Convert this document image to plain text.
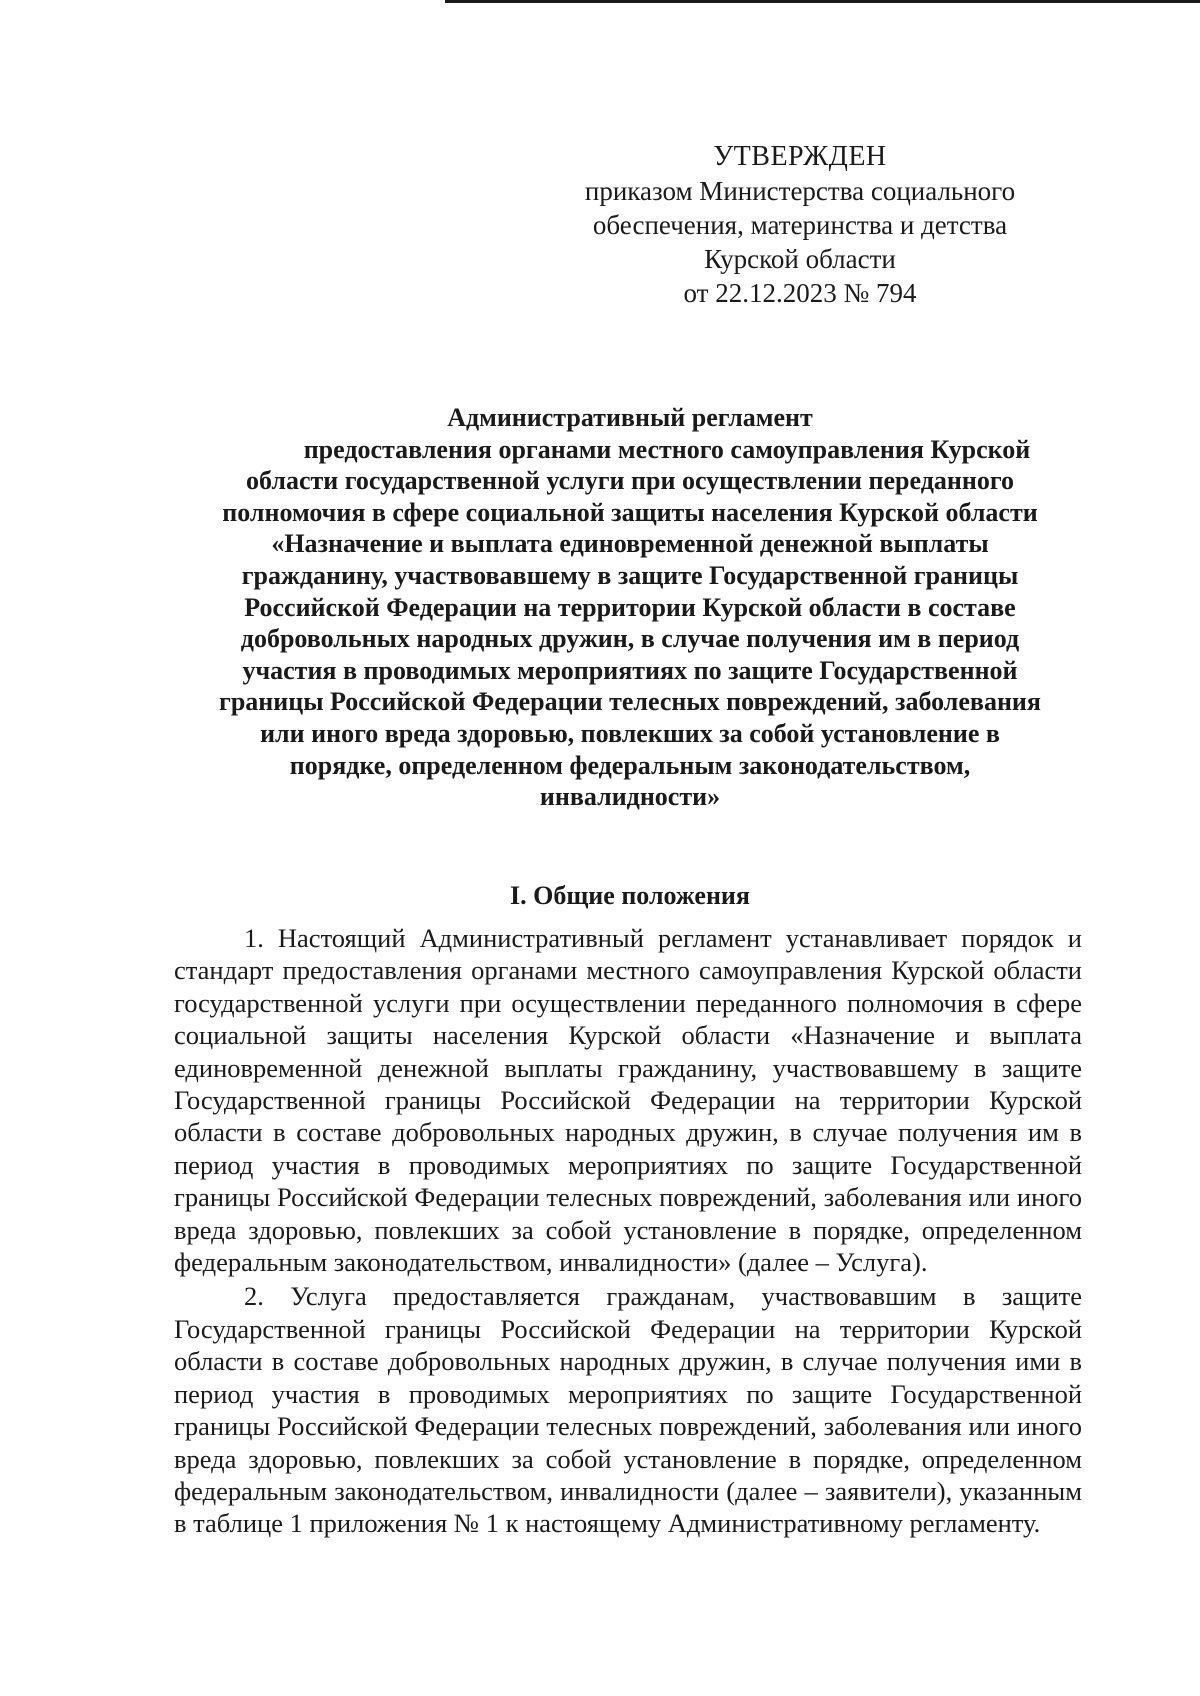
УТВЕРЖДЕН
приказом Министерства социального
обеспечения, материнства и детства
Курской области
от 22.12.2023 № 794
Административный регламент
предоставления органами местного самоуправления Курской
области государственной услуги при осуществлении переданного
полномочия в сфере социальной защиты населения Курской области
«Назначение и выплата единовременной денежной выплаты
гражданину, участвовавшему в защите Государственной границы
Российской Федерации на территории Курской области в составе
добровольных народных дружин, в случае получения им в период
участия в проводимых мероприятиях по защите Государственной
границы Российской Федерации телесных повреждений, заболевания
или иного вреда здоровью, повлекших за собой установление в
порядке, определенном федеральным законодательством,
инвалидности»
I. Общие положения

1. Настоящий Административный регламент устанавливает порядок и стандарт предоставления органами местного самоуправления Курской области государственной услуги при осуществлении переданного полномочия в сфере социальной защиты населения Курской области «Назначение и выплата единовременной денежной выплаты гражданину, участвовавшему в защите Государственной границы Российской Федерации на территории Курской области в составе добровольных народных дружин, в случае получения им в период участия в проводимых мероприятиях по защите Государственной границы Российской Федерации телесных повреждений, заболевания или иного вреда здоровью, повлекших за собой установление в порядке, определенном федеральным законодательством, инвалидности» (далее – Услуга).

2. Услуга предоставляется гражданам, участвовавшим в защите Государственной границы Российской Федерации на территории Курской области в составе добровольных народных дружин, в случае получения ими в период участия в проводимых мероприятиях по защите Государственной границы Российской Федерации телесных повреждений, заболевания или иного вреда здоровью, повлекших за собой установление в порядке, определенном федеральным законодательством, инвалидности (далее – заявители), указанным в таблице 1 приложения № 1 к настоящему Административному регламенту.
